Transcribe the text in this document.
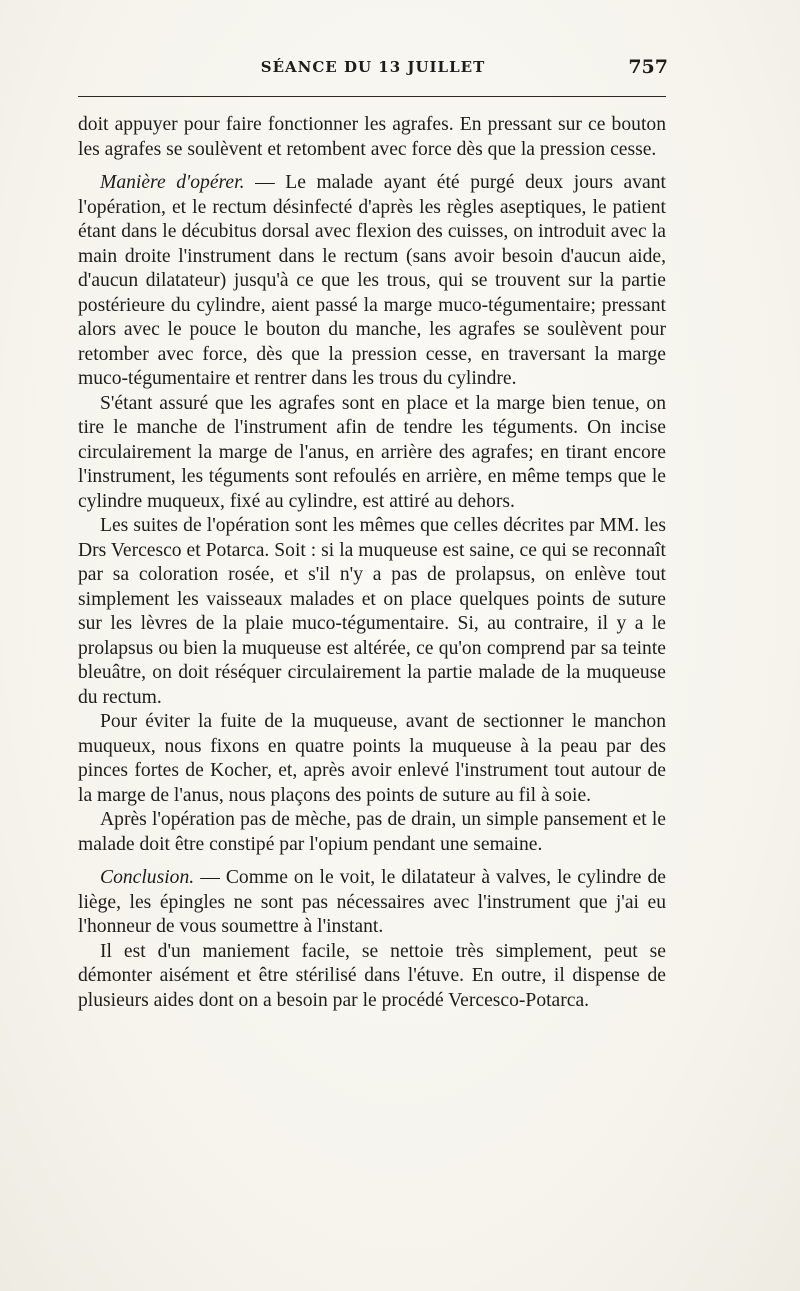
SÉANCE DU 13 JUILLET	757

doit appuyer pour faire fonctionner les agrafes. En pressant sur ce bouton les agrafes se soulèvent et retombent avec force dès que la pression cesse.

Manière d'opérer. — Le malade ayant été purgé deux jours avant l'opération, et le rectum désinfecté d'après les règles aseptiques, le patient étant dans le décubitus dorsal avec flexion des cuisses, on introduit avec la main droite l'instrument dans le rectum (sans avoir besoin d'aucun aide, d'aucun dilatateur) jusqu'à ce que les trous, qui se trouvent sur la partie postérieure du cylindre, aient passé la marge muco-tégumentaire; pressant alors avec le pouce le bouton du manche, les agrafes se soulèvent pour retomber avec force, dès que la pression cesse, en traversant la marge muco-tégumentaire et rentrer dans les trous du cylindre.

S'étant assuré que les agrafes sont en place et la marge bien tenue, on tire le manche de l'instrument afin de tendre les téguments. On incise circulairement la marge de l'anus, en arrière des agrafes; en tirant encore l'instrument, les téguments sont refoulés en arrière, en même temps que le cylindre muqueux, fixé au cylindre, est attiré au dehors.

Les suites de l'opération sont les mêmes que celles décrites par MM. les Drs Vercesco et Potarca. Soit : si la muqueuse est saine, ce qui se reconnaît par sa coloration rosée, et s'il n'y a pas de prolapsus, on enlève tout simplement les vaisseaux malades et on place quelques points de suture sur les lèvres de la plaie muco-tégumentaire. Si, au contraire, il y a le prolapsus ou bien la muqueuse est altérée, ce qu'on comprend par sa teinte bleuâtre, on doit réséquer circulairement la partie malade de la muqueuse du rectum.

Pour éviter la fuite de la muqueuse, avant de sectionner le manchon muqueux, nous fixons en quatre points la muqueuse à la peau par des pinces fortes de Kocher, et, après avoir enlevé l'instrument tout autour de la marge de l'anus, nous plaçons des points de suture au fil à soie.

Après l'opération pas de mèche, pas de drain, un simple pansement et le malade doit être constipé par l'opium pendant une semaine.

Conclusion. — Comme on le voit, le dilatateur à valves, le cylindre de liège, les épingles ne sont pas nécessaires avec l'instrument que j'ai eu l'honneur de vous soumettre à l'instant.

Il est d'un maniement facile, se nettoie très simplement, peut se démonter aisément et être stérilisé dans l'étuve. En outre, il dispense de plusieurs aides dont on a besoin par le procédé Vercesco-Potarca.
